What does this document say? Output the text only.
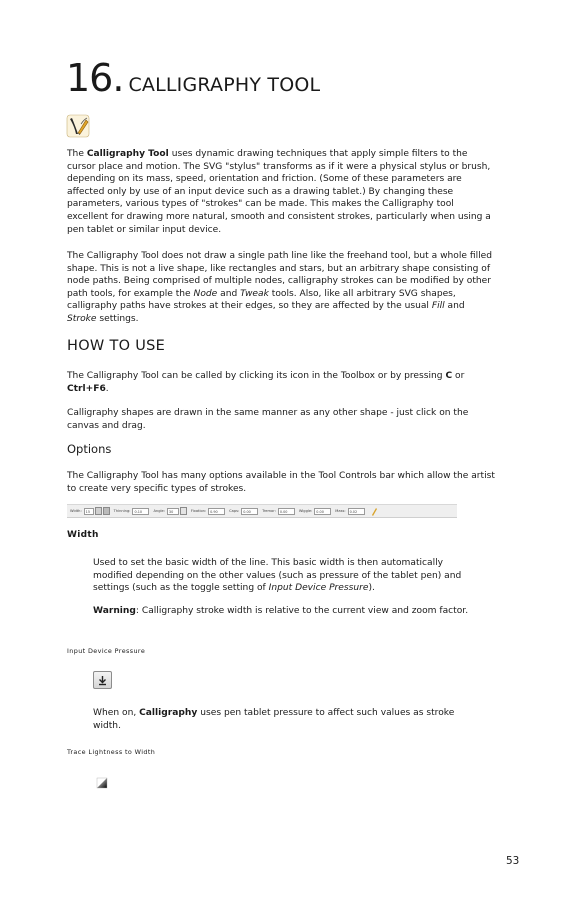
16. CALLIGRAPHY TOOL

The Calligraphy Tool uses dynamic drawing techniques that apply simple filters to the cursor place and motion. The SVG "stylus" transforms as if it were a physical stylus or brush, depending on its mass, speed, orientation and friction. (Some of these parameters are affected only by use of an input device such as a drawing tablet.) By changing these parameters, various types of "strokes" can be made. This makes the Calligraphy tool excellent for drawing more natural, smooth and consistent strokes, particularly when using a pen tablet or similar input device.

The Calligraphy Tool does not draw a single path line like the freehand tool, but a whole filled shape. This is not a live shape, like rectangles and stars, but an arbitrary shape consisting of node paths. Being comprised of multiple nodes, calligraphy strokes can be modified by other path tools, for example the Node and Tweak tools. Also, like all arbitrary SVG shapes, calligraphy paths have strokes at their edges, so they are affected by the usual Fill and Stroke settings.

HOW TO USE

The Calligraphy Tool can be called by clicking its icon in the Toolbox or by pressing C or Ctrl+F6.

Calligraphy shapes are drawn in the same manner as any other shape - just click on the canvas and drag.

Options

The Calligraphy Tool has many options available in the Tool Controls bar which allow the artist to create very specific types of strokes.

Width:	15	Thinning:	0.10	Angle:	30	Fixation:	0.90	Caps:	0.00	Tremor:	0.00	Wiggle:	0.00	Mass:	0.02
Width

Used to set the basic width of the line. This basic width is then automatically modified depending on the other values (such as pressure of the tablet pen) and settings (such as the toggle setting of Input Device Pressure).

Warning: Calligraphy stroke width is relative to the current view and zoom factor.

Input Device Pressure

When on, Calligraphy uses pen tablet pressure to affect such values as stroke width.

Trace Lightness to Width
53
